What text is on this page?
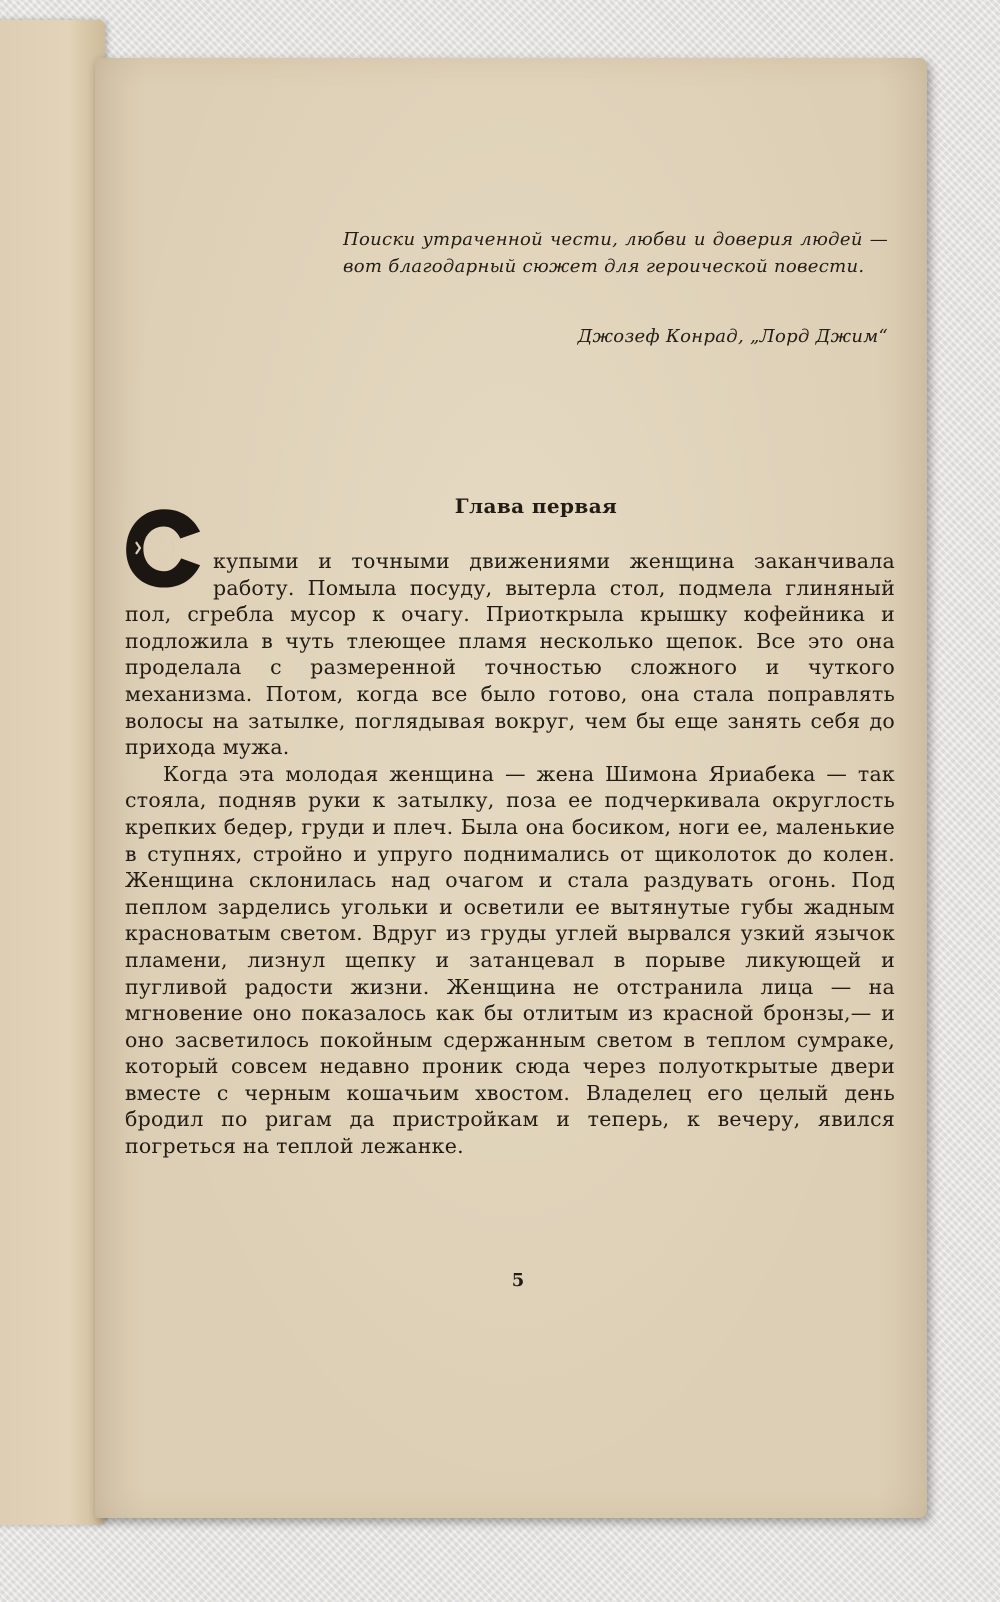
Поиски утраченной чести, любви и доверия людей — вот благодарный сюжет для героической повести.
Джозеф Конрад, „Лорд Джим“
Глава первая

купыми и точными движениями женщина заканчивала работу. Помыла посуду, вытерла стол, подмела глиняный пол, сгребла мусор к очагу. Приоткрыла крышку кофейника и подложила в чуть тлеющее пламя несколько щепок. Все это она проделала с размеренной точностью сложного и чуткого механизма. Потом, когда все было готово, она стала поправлять волосы на затылке, поглядывая вокруг, чем бы еще занять себя до прихода мужа.

Когда эта молодая женщина — жена Шимона Яриабека — так стояла, подняв руки к затылку, поза ее подчеркивала округлость крепких бедер, груди и плеч. Была она босиком, ноги ее, маленькие в ступнях, стройно и упруго поднимались от щиколоток до колен. Женщина склонилась над очагом и стала раздувать огонь. Под пеплом зарделись угольки и осветили ее вытянутые губы жадным красноватым светом. Вдруг из груды углей вырвался узкий язычок пламени, лизнул щепку и затанцевал в порыве ликующей и пугливой радости жизни. Женщина не отстранила лица — на мгновение оно показалось как бы отлитым из красной бронзы,— и оно засветилось покойным сдержанным светом в теплом сумраке, который совсем недавно проник сюда через полуоткрытые двери вместе с черным кошачьим хвостом. Владелец его целый день бродил по ригам да пристройкам и теперь, к вечеру, явился погреться на теплой лежанке.

5
